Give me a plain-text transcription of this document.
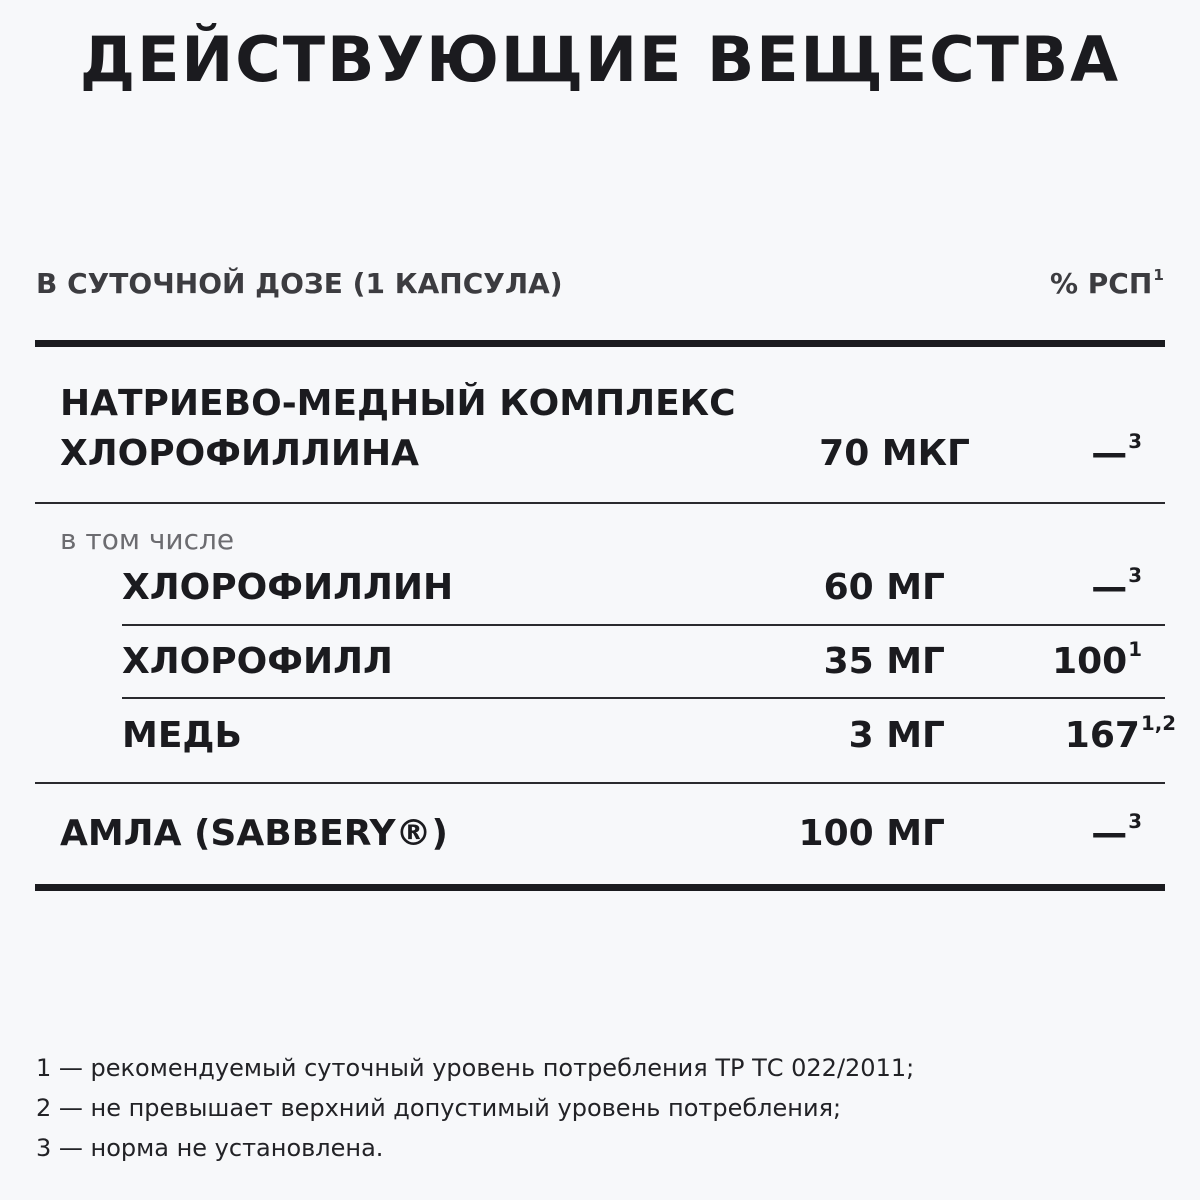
ДЕЙСТВУЮЩИЕ ВЕЩЕСТВА
В СУТОЧНОЙ ДОЗЕ (1 КАПСУЛА)	% РСП$^1$
НАТРИЕВО-МЕДНЫЙ КОМПЛЕКС
ХЛОРОФИЛЛИНА	70 МКГ	—$^3$
в том числе
ХЛОРОФИЛЛИН	60 МГ	—$^3$
ХЛОРОФИЛЛ	35 МГ	$100^1$
МЕДЬ	3 МГ	167$^{1,2}$
АМЛА (SABBERY®)	100 МГ	—$^3$
1 — рекомендуемый суточный уровень потребления ТР ТС 022/2011;
2 — не превышает верхний допустимый уровень потребления;
3 — норма не установлена.
